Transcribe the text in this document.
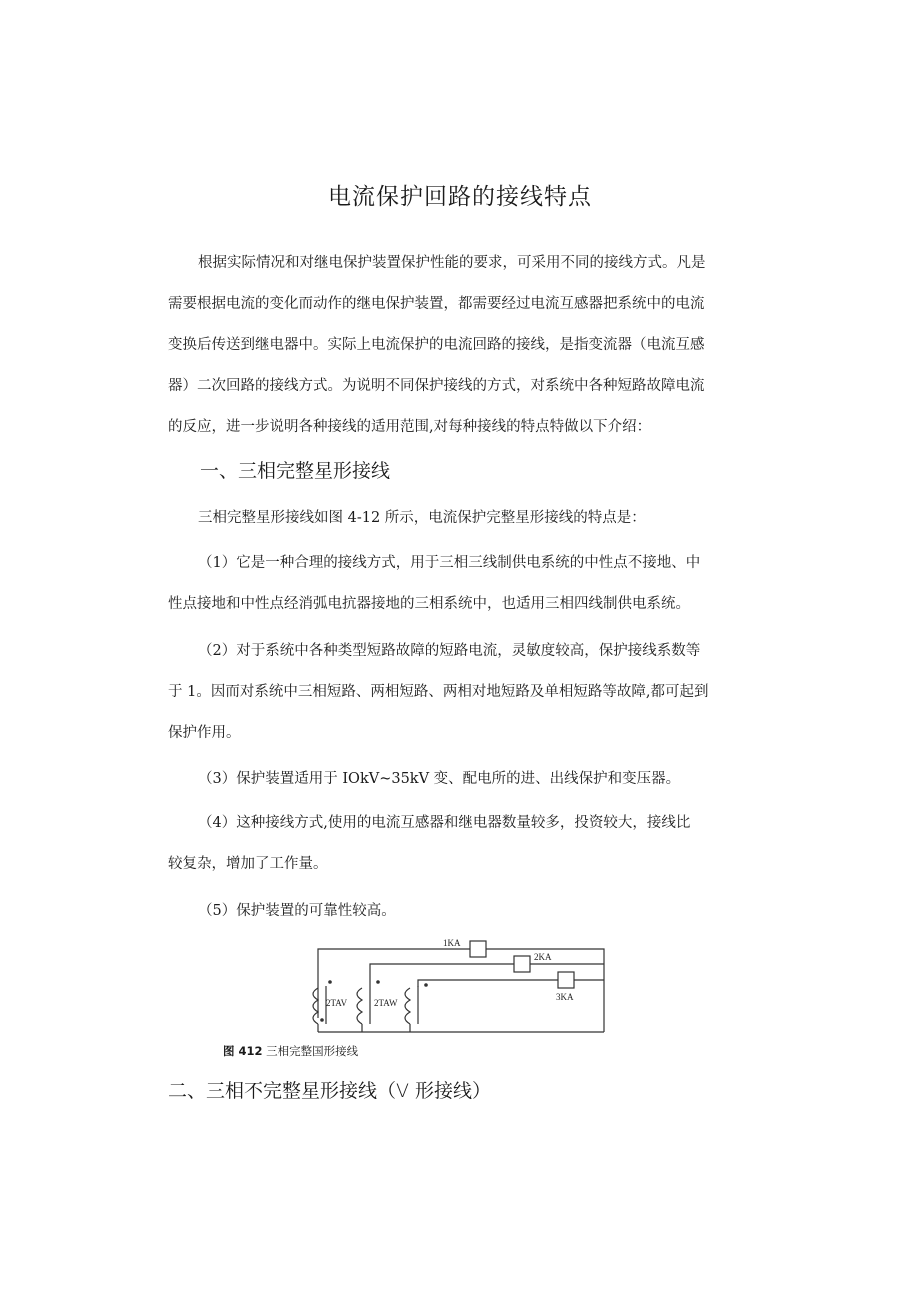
电流保护回路的接线特点
根据实际情况和对继电保护装置保护性能的要求，可采用不同的接线方式。凡是
需要根据电流的变化而动作的继电保护装置，都需要经过电流互感器把系统中的电流
变换后传送到继电器中。实际上电流保护的电流回路的接线，是指变流器（电流互感
器）二次回路的接线方式。为说明不同保护接线的方式，对系统中各种短路故障电流
的反应，进一步说明各种接线的适用范围,对每种接线的特点特做以下介绍：
一、三相完整星形接线
三相完整星形接线如图 4-12 所示，电流保护完整星形接线的特点是：
（1）它是一种合理的接线方式，用于三相三线制供电系统的中性点不接地、中
性点接地和中性点经消弧电抗器接地的三相系统中，也适用三相四线制供电系统。
（2）对于系统中各种类型短路故障的短路电流，灵敏度较高，保护接线系数等
于 1。因而对系统中三相短路、两相短路、两相对地短路及单相短路等故障,都可起到
保护作用。
（3）保护装置适用于 IOkV~35kV 变、配电所的进、出线保护和变压器。
（4）这种接线方式,使用的电流互感器和继电器数量较多，投资较大，接线比
较复杂，增加了工作量。
（5）保护装置的可靠性较高。
1KA
2KA
3KA
2TAV	2TAW
图 412 三相完整国形接线
二、三相不完整星形接线（V 形接线）
